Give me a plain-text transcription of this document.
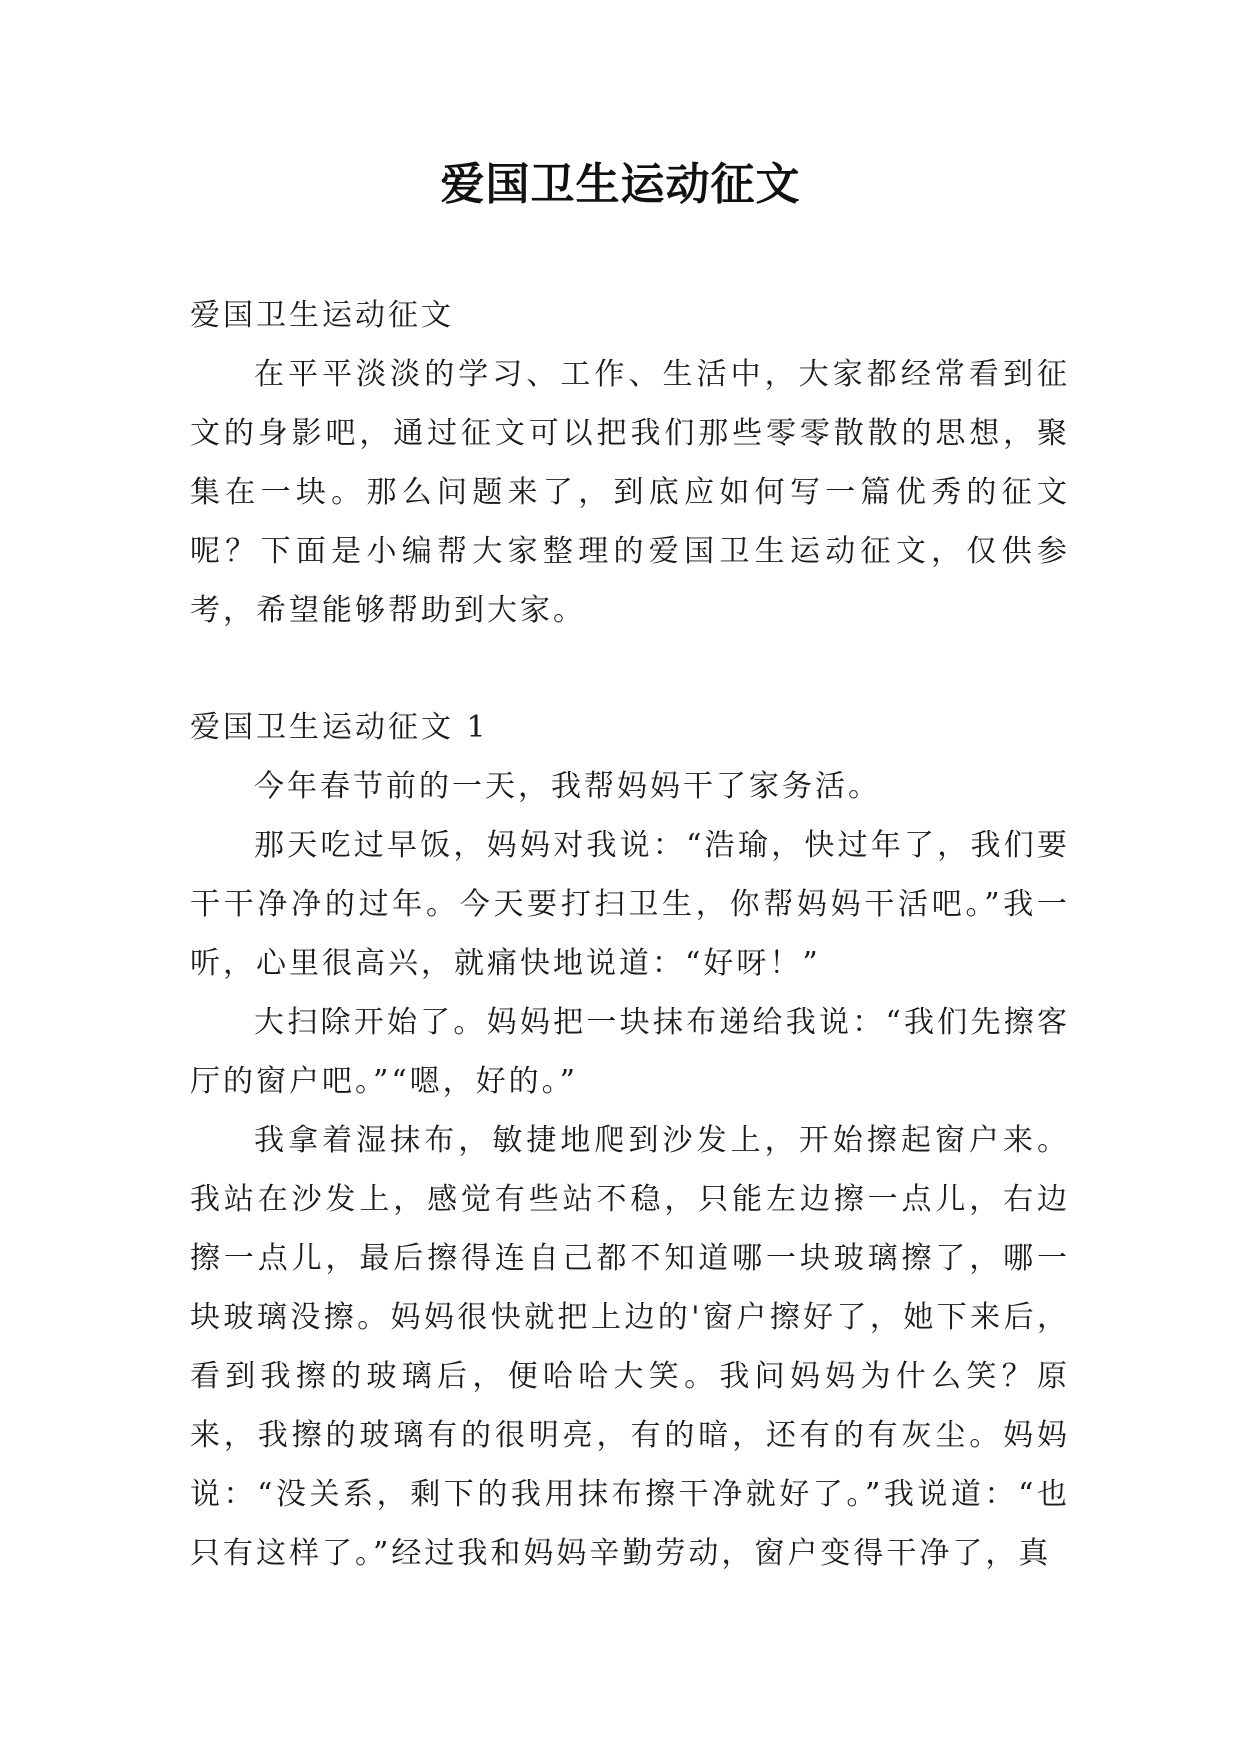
爱国卫生运动征文

爱国卫生运动征文

在平平淡淡的学习、工作、生活中，大家都经常看到征文的身影吧，通过征文可以把我们那些零零散散的思想，聚集在一块。那么问题来了，到底应如何写一篇优秀的征文呢？下面是小编帮大家整理的爱国卫生运动征文，仅供参考，希望能够帮助到大家。

爱国卫生运动征文 1

今年春节前的一天，我帮妈妈干了家务活。

那天吃过早饭，妈妈对我说：“浩瑜，快过年了，我们要干干净净的过年。今天要打扫卫生，你帮妈妈干活吧。”我一听，心里很高兴，就痛快地说道：“好呀！”

大扫除开始了。妈妈把一块抹布递给我说：“我们先擦客厅的窗户吧。”“嗯，好的。”

我拿着湿抹布，敏捷地爬到沙发上，开始擦起窗户来。我站在沙发上，感觉有些站不稳，只能左边擦一点儿，右边擦一点儿，最后擦得连自己都不知道哪一块玻璃擦了，哪一块玻璃没擦。妈妈很快就把上边的'窗户擦好了，她下来后，看到我擦的玻璃后，便哈哈大笑。我问妈妈为什么笑？原来，我擦的玻璃有的很明亮，有的暗，还有的有灰尘。妈妈说：“没关系，剩下的我用抹布擦干净就好了。”我说道：“也只有这样了。”经过我和妈妈辛勤劳动，窗户变得干净了，真
